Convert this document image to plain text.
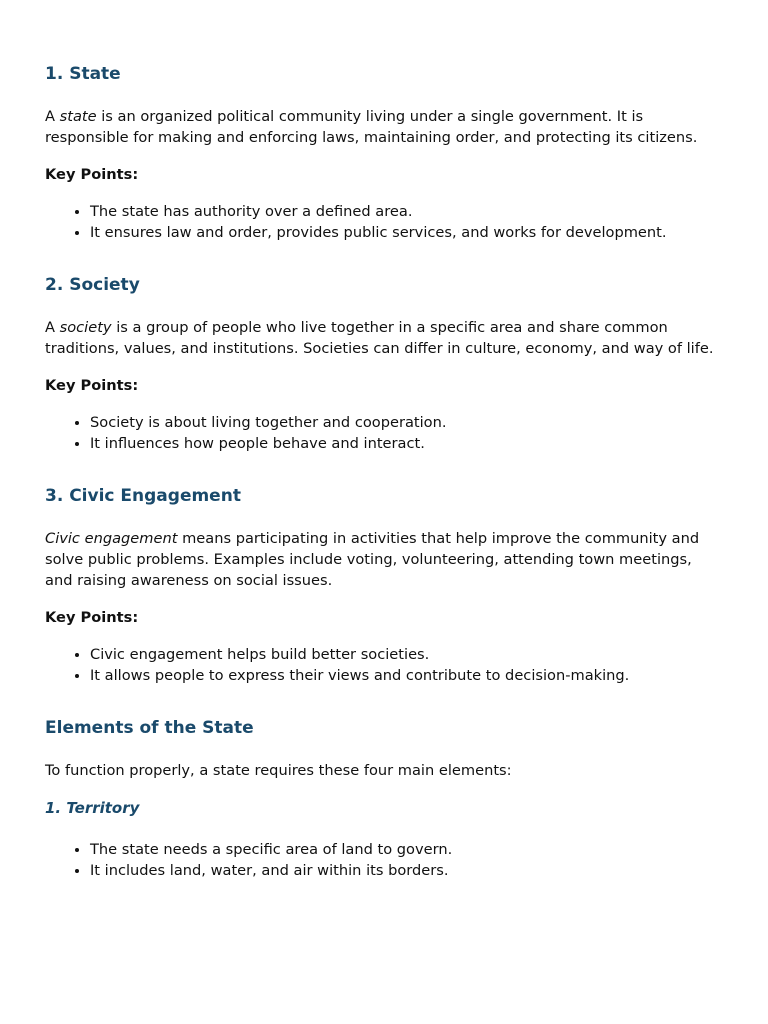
1. State

A state is an organized political community living under a single government. It is responsible for making and enforcing laws, maintaining order, and protecting its citizens.

Key Points:

• The state has authority over a defined area.
• It ensures law and order, provides public services, and works for development.
2. Society

A society is a group of people who live together in a specific area and share common traditions, values, and institutions. Societies can differ in culture, economy, and way of life.

Key Points:

• Society is about living together and cooperation.
• It influences how people behave and interact.
3. Civic Engagement

Civic engagement means participating in activities that help improve the community and solve public problems. Examples include voting, volunteering, attending town meetings, and raising awareness on social issues.

Key Points:

• Civic engagement helps build better societies.
• It allows people to express their views and contribute to decision-making.
Elements of the State

To function properly, a state requires these four main elements:

1. Territory
• The state needs a specific area of land to govern.
• It includes land, water, and air within its borders.
